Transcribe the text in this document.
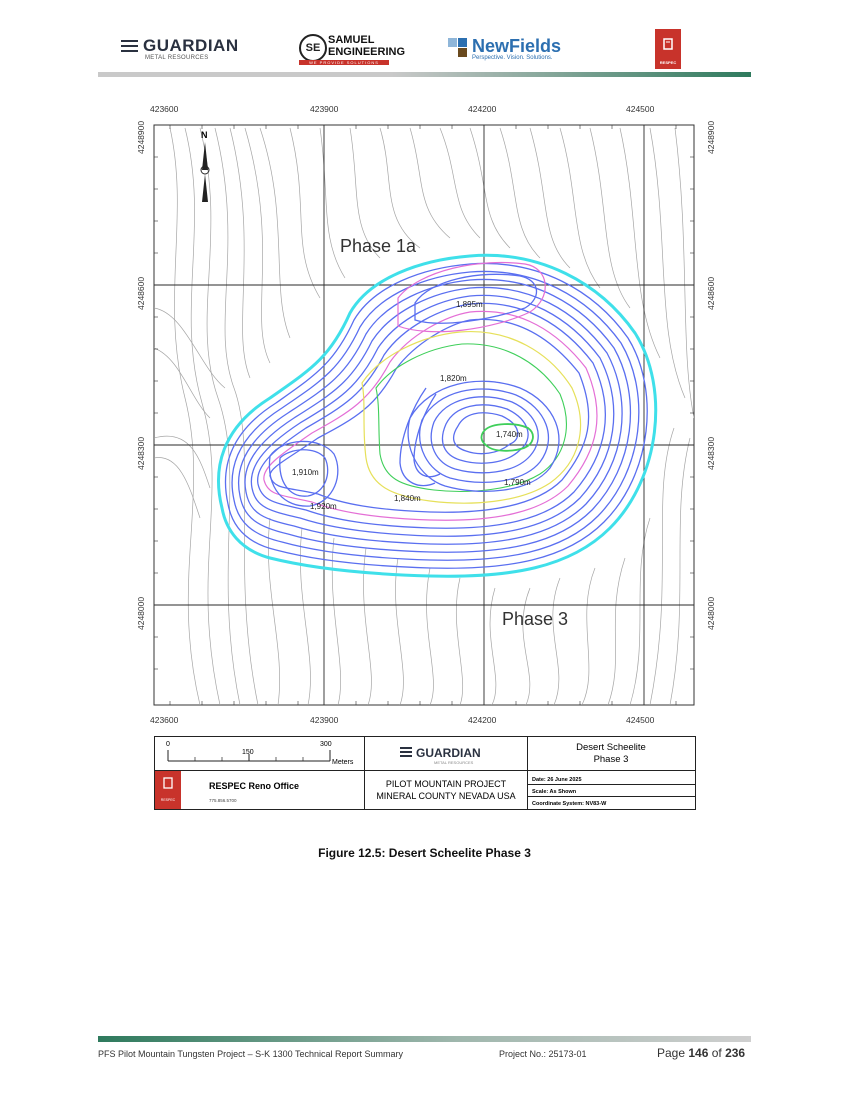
GUARDIAN
METAL RESOURCES
SE
SAMUEL
ENGINEERING
WE PROVIDE SOLUTIONS
NewFields
Perspective. Vision. Solutions.
RESPEC
Phase 1a
Phase 3
1,895m
1,820m
1,740m
1,910m
1,920m
1,840m
1,790m
N
423600	423900	424200	424500
423600	423900	424200	424500
4248900
4248600
4248300
4248000
4248900
4248600
4248300
4248000
0
150
300
Meters
GUARDIAN
METAL RESOURCES
Desert Scheelite
Phase 3
RESPEC
RESPEC Reno Office
775.856.5700
PILOT MOUNTAIN PROJECT
MINERAL COUNTY NEVADA USA
Date: 26 June 2025
Scale: As Shown
Coordinate System: NV83-W
Figure 12.5: Desert Scheelite Phase 3
PFS Pilot Mountain Tungsten Project – S-K 1300 Technical Report Summary	Project No.: 25173-01	Page 146 of 236
